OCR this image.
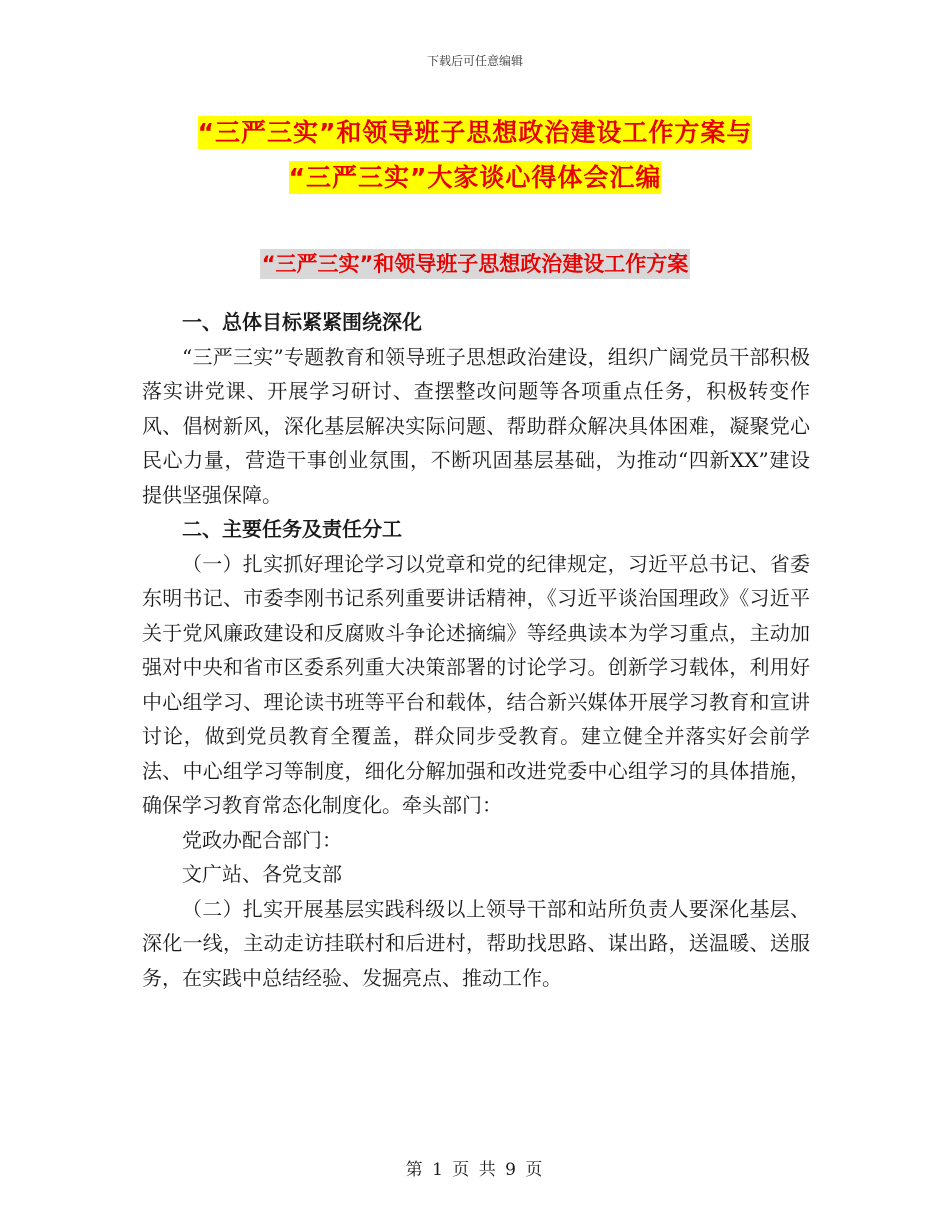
下载后可任意编辑
“三严三实”和领导班子思想政治建设工作方案与
“三严三实”大家谈心得体会汇编
“三严三实”和领导班子思想政治建设工作方案
一、总体目标紧紧围绕深化

“三严三实”专题教育和领导班子思想政治建设，组织广阔党员干部积极落实讲党课、开展学习研讨、查摆整改问题等各项重点任务，积极转变作风、倡树新风，深化基层解决实际问题、帮助群众解决具体困难，凝聚党心民心力量，营造干事创业氛围，不断巩固基层基础，为推动“四新XX”建设提供坚强保障。

二、主要任务及责任分工

（一）扎实抓好理论学习以党章和党的纪律规定，习近平总书记、省委东明书记、市委李刚书记系列重要讲话精神，《习近平谈治国理政》《习近平关于党风廉政建设和反腐败斗争论述摘编》等经典读本为学习重点，主动加强对中央和省市区委系列重大决策部署的讨论学习。创新学习载体，利用好中心组学习、理论读书班等平台和载体，结合新兴媒体开展学习教育和宣讲讨论，做到党员教育全覆盖，群众同步受教育。建立健全并落实好会前学法、中心组学习等制度，细化分解加强和改进党委中心组学习的具体措施，确保学习教育常态化制度化。牵头部门：

党政办配合部门：

文广站、各党支部

（二）扎实开展基层实践科级以上领导干部和站所负责人要深化基层、深化一线，主动走访挂联村和后进村，帮助找思路、谋出路，送温暖、送服务，在实践中总结经验、发掘亮点、推动工作。

第 1 页 共 9 页
